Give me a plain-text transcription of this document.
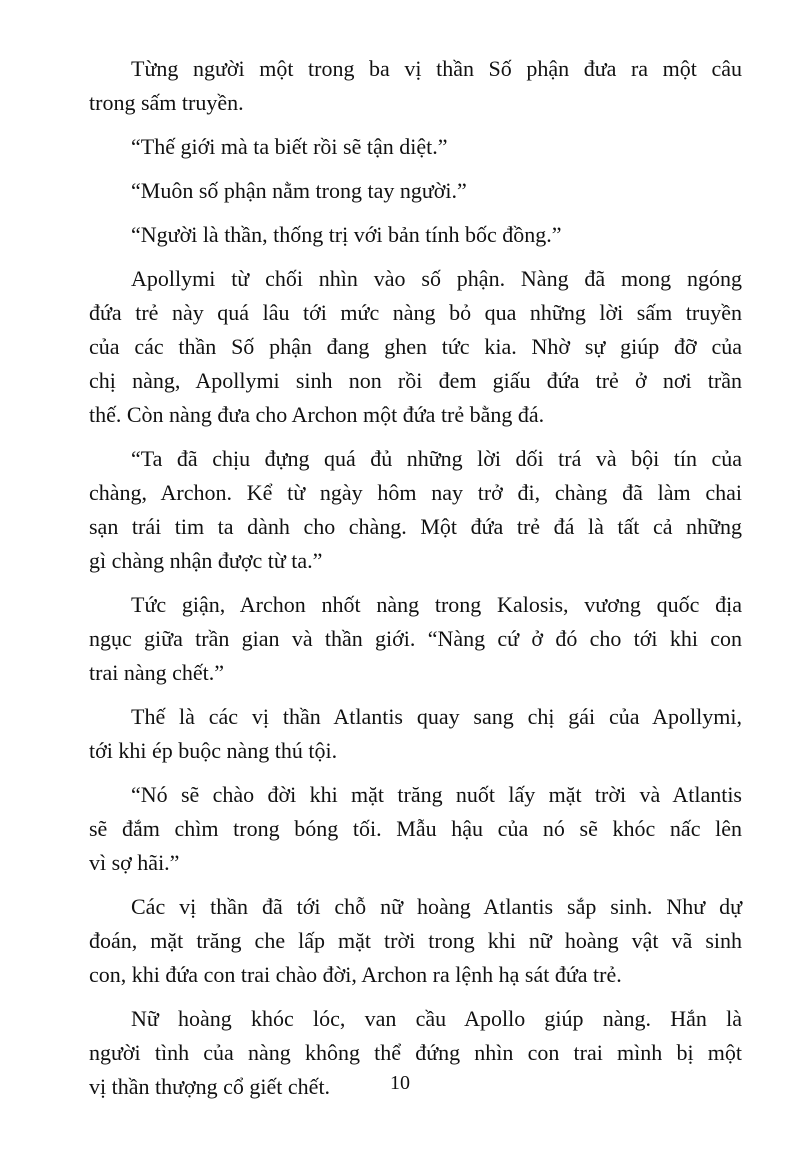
Từng người một trong ba vị thần Số phận đưa ra một câu
trong sấm truyền.
“Thế giới mà ta biết rồi sẽ tận diệt.”
“Muôn số phận nằm trong tay người.”
“Người là thần, thống trị với bản tính bốc đồng.”
Apollymi từ chối nhìn vào số phận. Nàng đã mong ngóng
đứa trẻ này quá lâu tới mức nàng bỏ qua những lời sấm truyền
của các thần Số phận đang ghen tức kia. Nhờ sự giúp đỡ của
chị nàng, Apollymi sinh non rồi đem giấu đứa trẻ ở nơi trần
thế. Còn nàng đưa cho Archon một đứa trẻ bằng đá.
“Ta đã chịu đựng quá đủ những lời dối trá và bội tín của
chàng, Archon. Kể từ ngày hôm nay trở đi, chàng đã làm chai
sạn trái tim ta dành cho chàng. Một đứa trẻ đá là tất cả những
gì chàng nhận được từ ta.”
Tức giận, Archon nhốt nàng trong Kalosis, vương quốc địa
ngục giữa trần gian và thần giới. “Nàng cứ ở đó cho tới khi con
trai nàng chết.”
Thế là các vị thần Atlantis quay sang chị gái của Apollymi,
tới khi ép buộc nàng thú tội.
“Nó sẽ chào đời khi mặt trăng nuốt lấy mặt trời và Atlantis
sẽ đắm chìm trong bóng tối. Mẫu hậu của nó sẽ khóc nấc lên
vì sợ hãi.”
Các vị thần đã tới chỗ nữ hoàng Atlantis sắp sinh. Như dự
đoán, mặt trăng che lấp mặt trời trong khi nữ hoàng vật vã sinh
con, khi đứa con trai chào đời, Archon ra lệnh hạ sát đứa trẻ.
Nữ hoàng khóc lóc, van cầu Apollo giúp nàng. Hắn là
người tình của nàng không thể đứng nhìn con trai mình bị một
vị thần thượng cổ giết chết.	10
